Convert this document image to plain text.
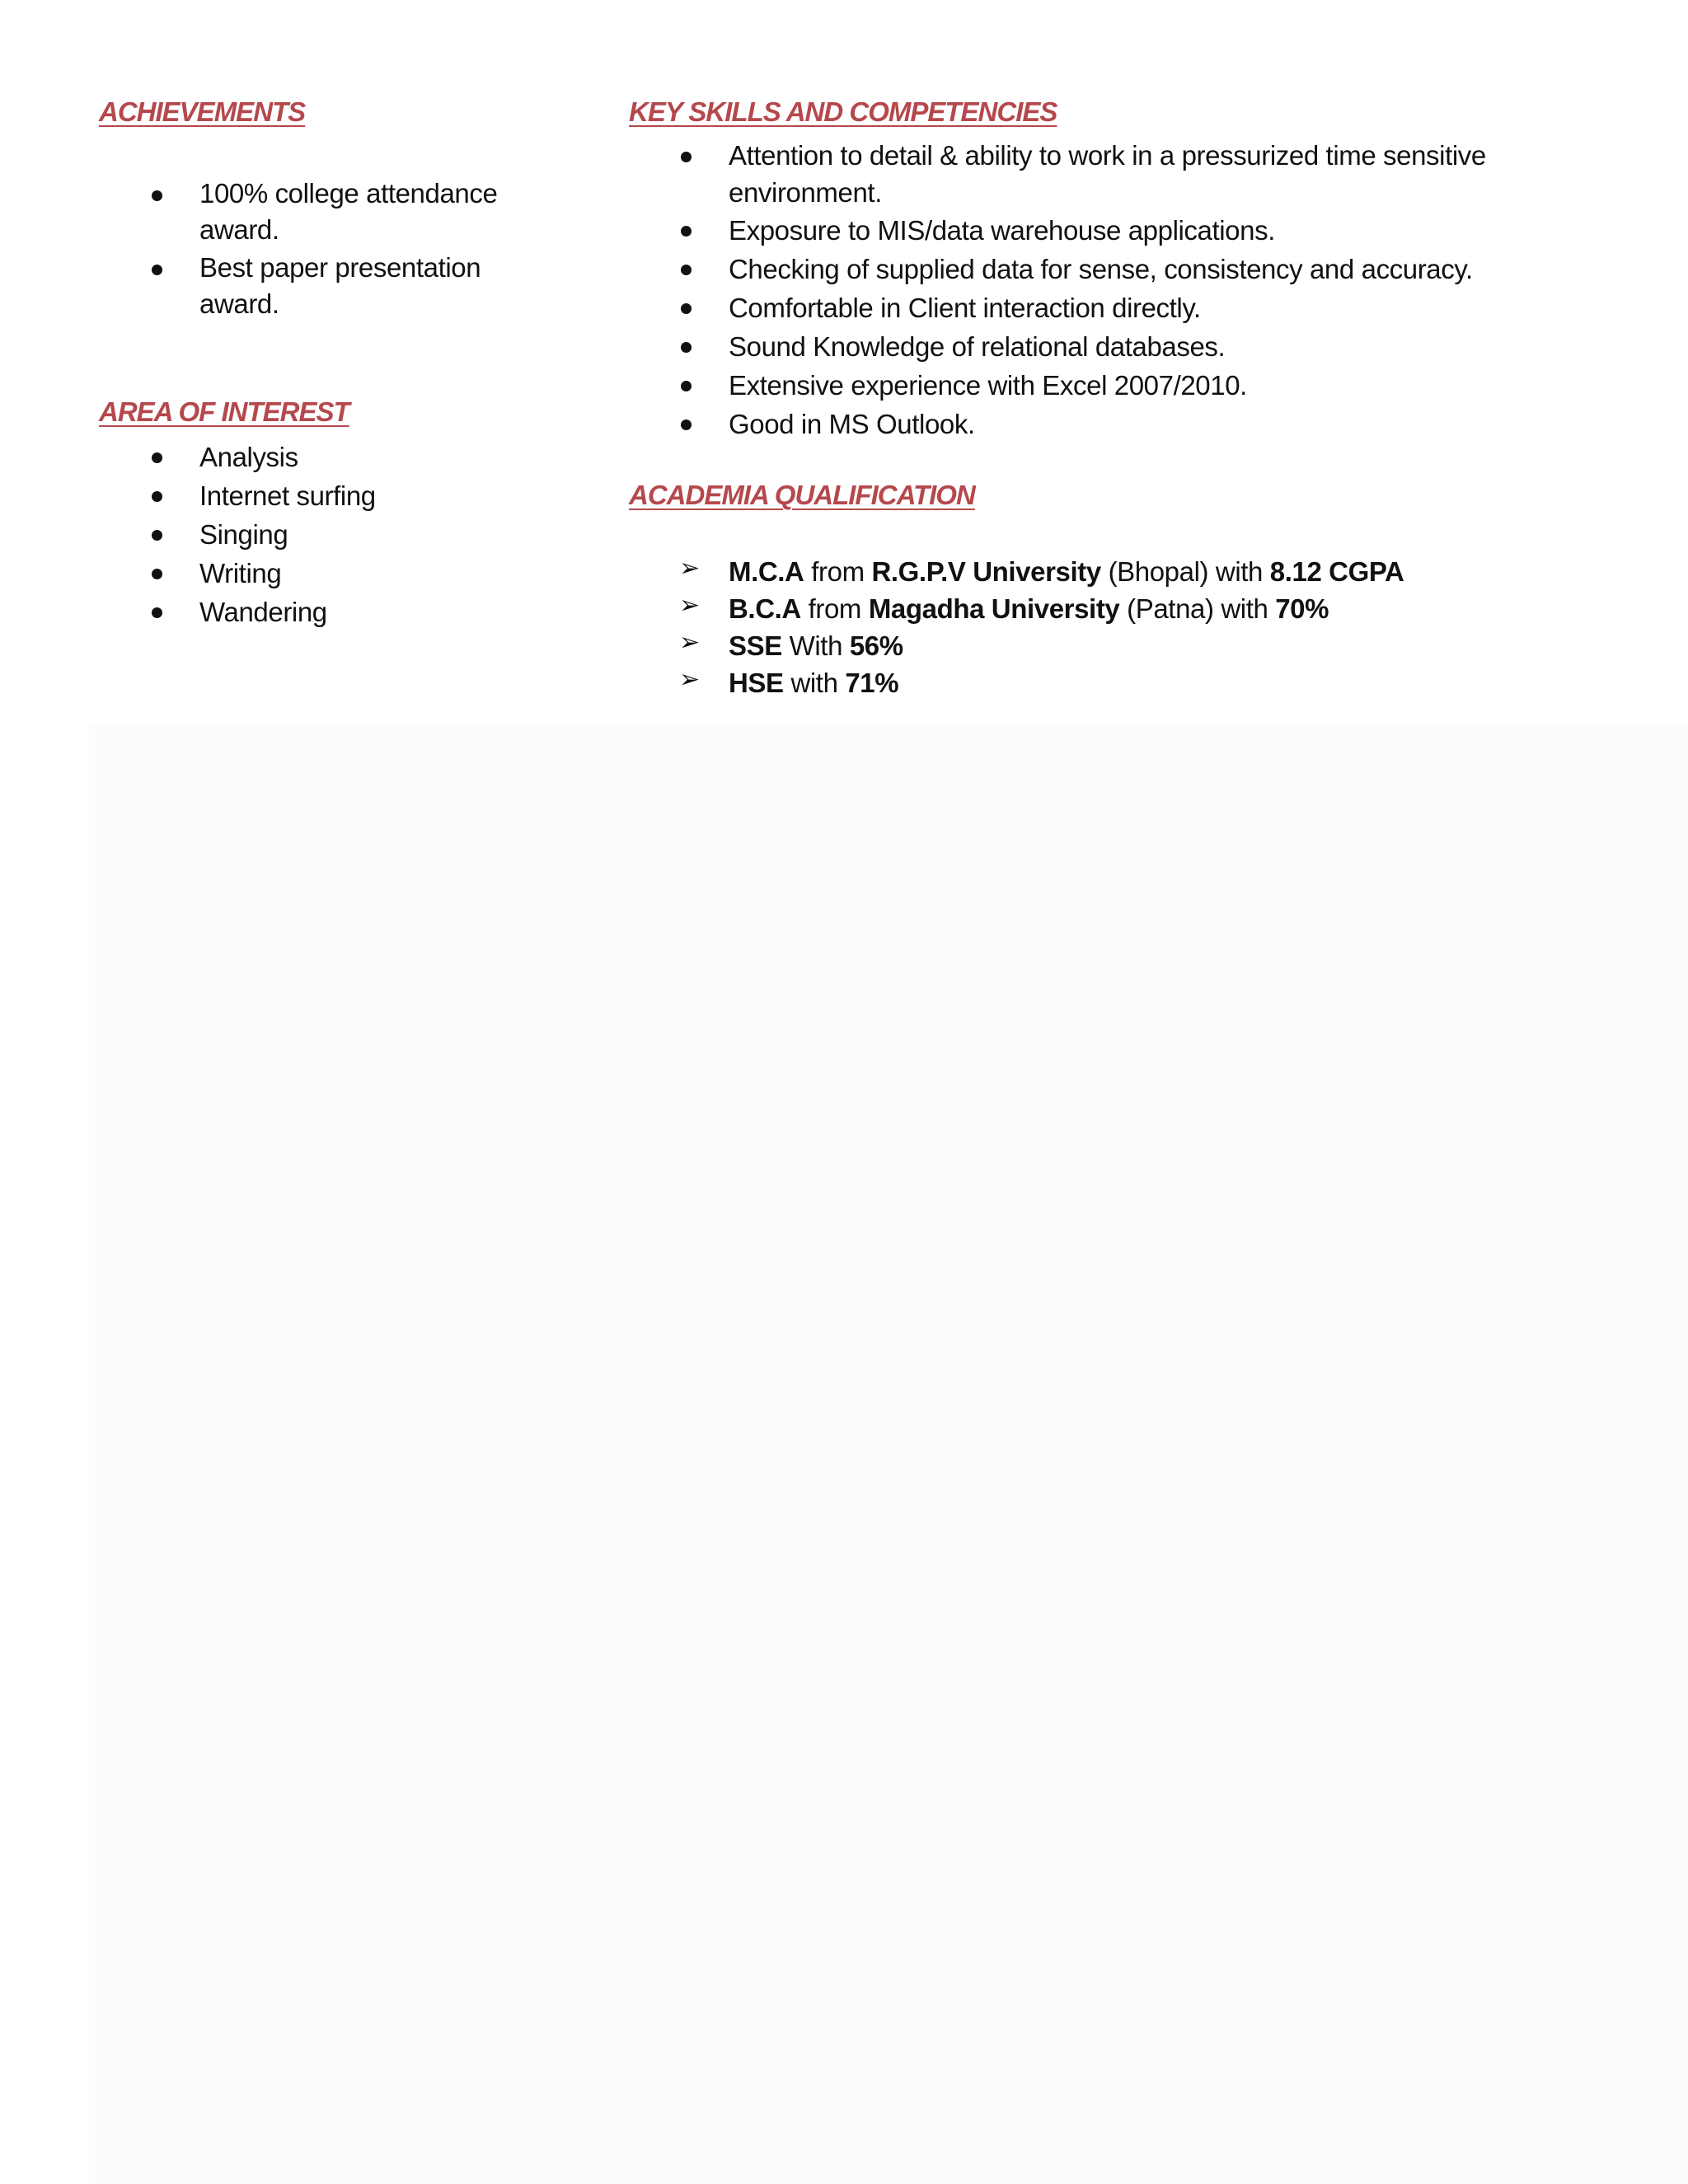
ACHIEVEMENTS
100% college attendance award.
Best paper presentation award.
AREA OF INTEREST
Analysis
Internet surfing
Singing
Writing
Wandering
KEY SKILLS AND COMPETENCIES
Attention to detail & ability to work in a pressurized time sensitive environment.
Exposure to MIS/data warehouse applications.
Checking of supplied data for sense, consistency and accuracy.
Comfortable in Client interaction directly.
Sound Knowledge of relational databases.
Extensive experience with Excel 2007/2010.
Good in MS Outlook.
ACADEMIA QUALIFICATION
➢ M.C.A from R.G.P.V University (Bhopal) with 8.12 CGPA
➢ B.C.A from Magadha University (Patna) with 70%
➢ SSE With 56%
➢ HSE with 71%
